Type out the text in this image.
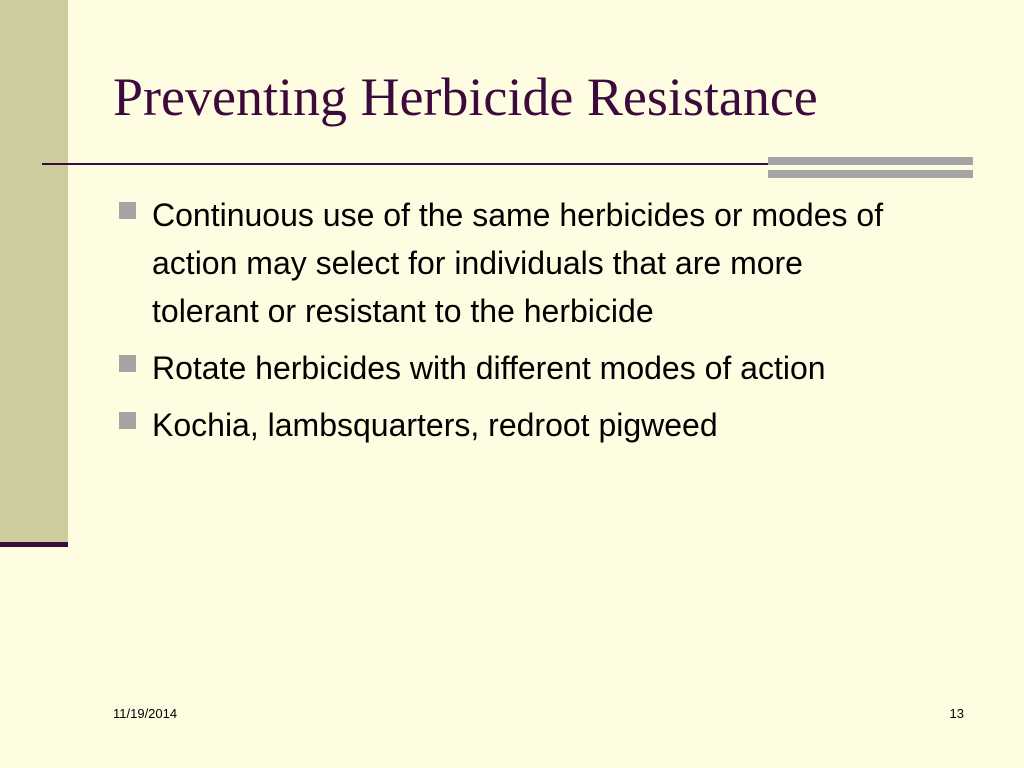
Preventing Herbicide Resistance
Continuous use of the same herbicides or modes of action may select for individuals that are more tolerant or resistant to the herbicide
Rotate herbicides with different modes of action
Kochia, lambsquarters, redroot pigweed
11/19/2014	13
